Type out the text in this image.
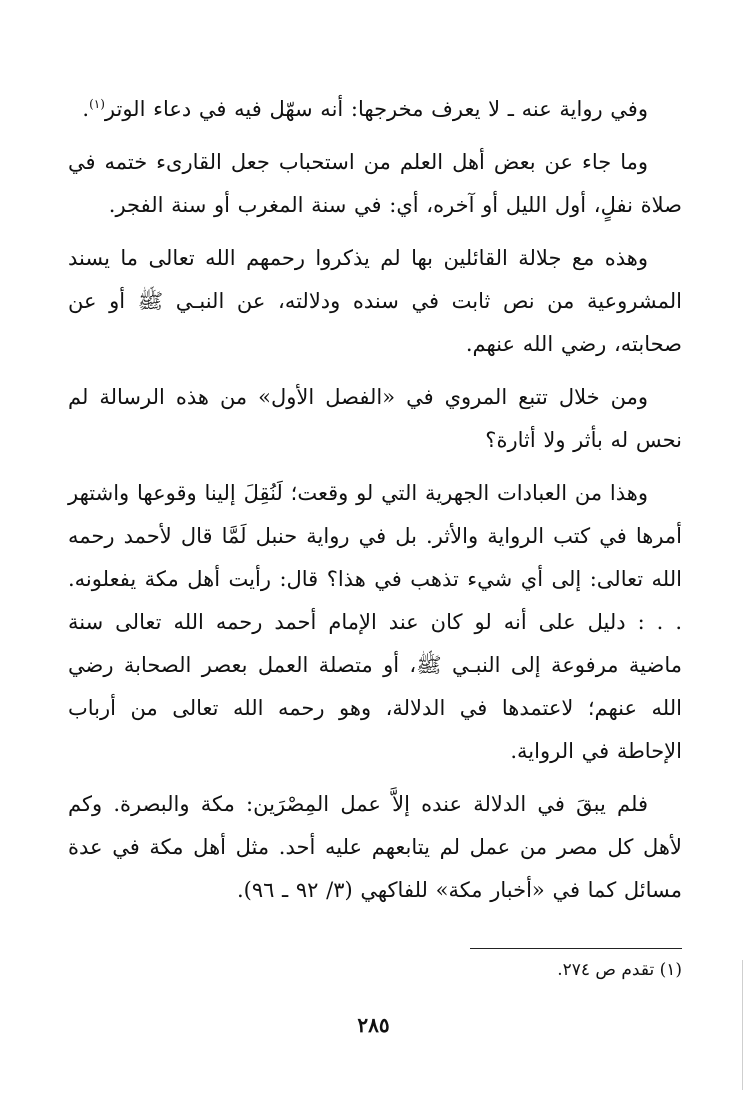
وفي رواية عنه ـ لا يعرف مخرجها: أنه سهّل فيه في دعاء الوتر$^{(١)}$.

وما جاء عن بعض أهل العلم من استحباب جعل القارىء ختمه في صلاة نفلٍ، أول الليل أو آخره، أي: في سنة المغرب أو سنة الفجر.

وهذه مع جلالة القائلين بها لم يذكروا رحمهم الله تعالى ما يسند المشروعية من نص ثابت في سنده ودلالته، عن النبـي ﷺ أو عن صحابته، رضي الله عنهم.

ومن خلال تتبع المروي في «الفصل الأول» من هذه الرسالة لم نحس له بأثر ولا أثارة؟

وهذا من العبادات الجهرية التي لو وقعت؛ لَنُقِلَ إلينا وقوعها واشتهر أمرها في كتب الرواية والأثر. بل في رواية حنبل لَمَّا قال لأحمد رحمه الله تعالى: إلى أي شيء تذهب في هذا؟ قال: رأيت أهل مكة يفعلونه. . . : دليل على أنه لو كان عند الإمام أحمد رحمه الله تعالى سنة ماضية مرفوعة إلى النبـي ﷺ، أو متصلة العمل بعصر الصحابة رضي الله عنهم؛ لاعتمدها في الدلالة، وهو رحمه الله تعالى من أرباب الإحاطة في الرواية.

فلم يبقَ في الدلالة عنده إلاَّ عمل المِصْرَين: مكة والبصرة. وكم لأهل كل مصر من عمل لم يتابعهم عليه أحد. مثل أهل مكة في عدة مسائل كما في «أخبار مكة» للفاكهي (٣/ ٩٢ ـ ٩٦).

(١) تقدم ص ٢٧٤.
٢٨٥
